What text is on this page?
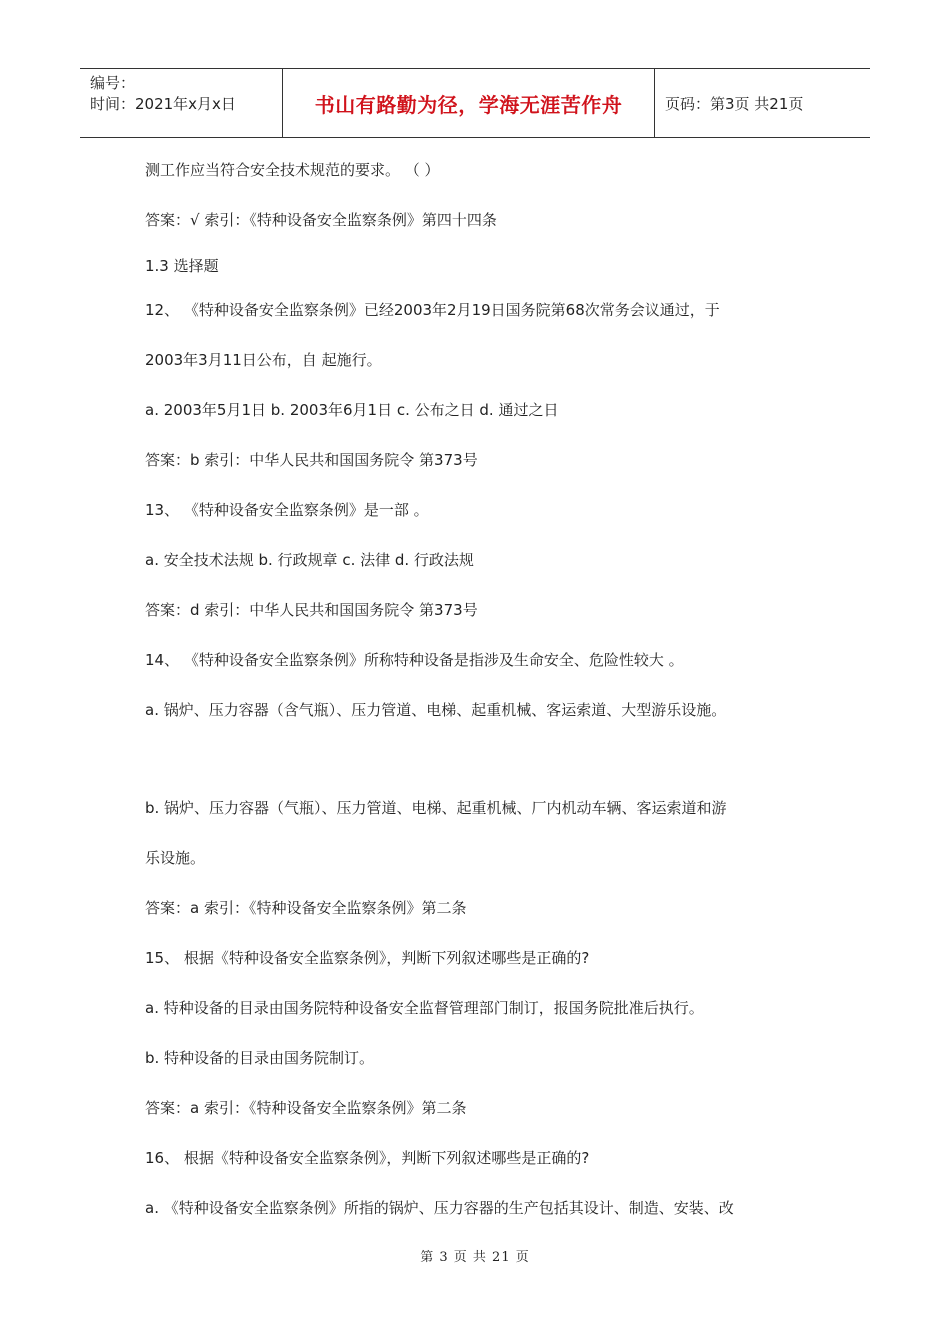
编号：
时间：2021年x月x日	书山有路勤为径，学海无涯苦作舟	页码：第3页 共21页
测工作应当符合安全技术规范的要求。 （ ）
答案：√ 索引：《特种设备安全监察条例》第四十四条
1.3 选择题
12、 《特种设备安全监察条例》已经2003年2月19日国务院第68次常务会议通过，于
2003年3月11日公布，自 起施行。
a. 2003年5月1日 b. 2003年6月1日 c. 公布之日 d. 通过之日
答案：b 索引：中华人民共和国国务院令 第373号
13、 《特种设备安全监察条例》是一部 。
a. 安全技术法规 b. 行政规章 c. 法律 d. 行政法规
答案：d 索引：中华人民共和国国务院令 第373号
14、 《特种设备安全监察条例》所称特种设备是指涉及生命安全、危险性较大 。
a. 锅炉、压力容器（含气瓶）、压力管道、电梯、起重机械、客运索道、大型游乐设施。
b. 锅炉、压力容器（气瓶）、压力管道、电梯、起重机械、厂内机动车辆、客运索道和游
乐设施。
答案：a 索引：《特种设备安全监察条例》第二条
15、 根据《特种设备安全监察条例》，判断下列叙述哪些是正确的?
a. 特种设备的目录由国务院特种设备安全监督管理部门制订，报国务院批准后执行。
b. 特种设备的目录由国务院制订。
答案：a 索引：《特种设备安全监察条例》第二条
16、 根据《特种设备安全监察条例》，判断下列叙述哪些是正确的?
a. 《特种设备安全监察条例》所指的锅炉、压力容器的生产包括其设计、制造、安装、改
第 3 页 共 21 页
